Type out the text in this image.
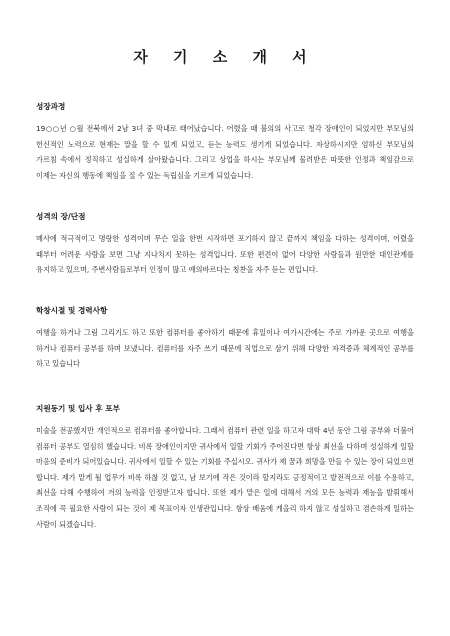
자 기 소 개 서
성장과정

19○○년 ○월 전북에서 2남 3녀 중 막내로 태어났습니다. 어렸을 때 불의의 사고로 청각 장애인이 되었지만 부모님의 헌신적인 노력으로 현재는 말을 할 수 있게 되었고, 듣는 능력도 생기게 되었습니다. 자상하시지만 엄하신 부모님의 가르침 속에서 정직하고 성실하게 살아왔습니다. 그리고 상업을 하시는 부모님께 물려받은 따뜻한 인정과 책임감으로 이제는 자신의 행동에 책임을 질 수 있는 독립심을 기르게 되었습니다.

성격의 장/단점

매사에 적극적이고 명랑한 성격이며 무슨 일을 한번 시작하면 포기하지 않고 끝까지 책임을 다하는 성격이며, 어렸을 때부터 어려운 사람을 보면 그냥 지나치지 못하는 성격입니다. 또한 편견이 없어 다양한 사람들과 원만한 대인관계를 유지하고 있으며, 주변사람들로부터 인정이 많고 예의바르다는 칭찬을 자주 듣는 편입니다.

학창시절 및 경력사항

여행을 하거나 그림 그리기도 하고 또한 컴퓨터를 좋아하기 때문에 휴일이나 여가시간에는 주로 가까운 곳으로 여행을 하거나 컴퓨터 공부를 하며 보냈니다. 컴퓨터를 자주 쓰기 때문에 직업으로 삼기 위해 다양한 자격증과 체계적인 공부를 하고 있습니다

지원동기 및 입사 후 포부

미술을 전공했지만 개인적으로 컴퓨터를 좋아합니다. 그래서 컴퓨터 관련 일을 하고자 대학 4년 동안 그림 공부와 더불어 컴퓨터 공부도 열심히 했습니다. 비록 장애인이지만 귀사에서 일할 기회가 주어진다면 항상 최선을 다하며 성실하게 일할 마음의 준비가 되어있습니다. 귀사에서 일할 수 있는 기회를 주십시오. 귀사가 제 꿈과 희망을 만들 수 있는 장이 되었으면 합니다. 제가 맡게 될 업무가 비록 하찮 것 없고, 남 보기에 작은 것이라 할지라도 긍정적이고 발전적으로 이를 수용하고, 최선을 다해 수행하여 겨의 능력을 인정받고자 합니다. 또한 제가 맡은 일에 대해서 겨의 모든 능력과 재능을 발휘해서 조직에 꼭 필요한 사람이 되는 것이 제 목표이자 인생관입니다. 항상 배움에 게을리 하지 않고 성실하고 겸손하게 일하는 사람이 되겠습니다.
